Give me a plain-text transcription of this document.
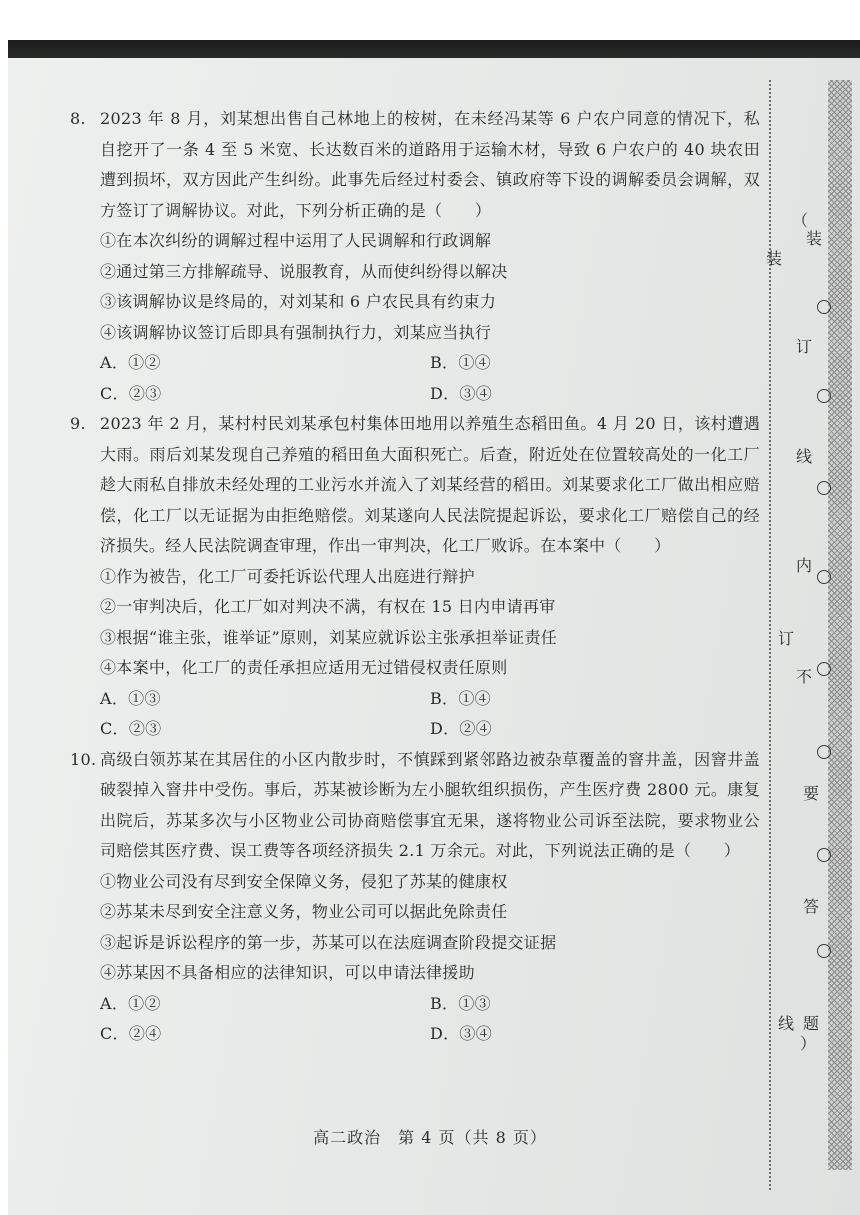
8. 2023 年 8 月，刘某想出售自己林地上的桉树，在未经冯某等 6 户农户同意的情况下，私自挖开了一条 4 至 5 米宽、长达数百米的道路用于运输木材，导致 6 户农户的 40 块农田遭到损坏，双方因此产生纠纷。此事先后经过村委会、镇政府等下设的调解委员会调解，双方签订了调解协议。对此，下列分析正确的是（　　）
①在本次纠纷的调解过程中运用了人民调解和行政调解
②通过第三方排解疏导、说服教育，从而使纠纷得以解决
③该调解协议是终局的，对刘某和 6 户农民具有约束力
④该调解协议签订后即具有强制执行力，刘某应当执行
A．①②	B．①④
C．②③	D．③④
9. 2023 年 2 月，某村村民刘某承包村集体田地用以养殖生态稻田鱼。4 月 20 日，该村遭遇大雨。雨后刘某发现自己养殖的稻田鱼大面积死亡。后查，附近处在位置较高处的一化工厂趁大雨私自排放未经处理的工业污水并流入了刘某经营的稻田。刘某要求化工厂做出相应赔偿，化工厂以无证据为由拒绝赔偿。刘某遂向人民法院提起诉讼，要求化工厂赔偿自己的经济损失。经人民法院调查审理，作出一审判决，化工厂败诉。在本案中（　　）
①作为被告，化工厂可委托诉讼代理人出庭进行辩护
②一审判决后，化工厂如对判决不满，有权在 15 日内申请再审
③根据“谁主张，谁举证”原则，刘某应就诉讼主张承担举证责任
④本案中，化工厂的责任承担应适用无过错侵权责任原则
A．①③	B．①④
C．②③	D．②④
10. 高级白领苏某在其居住的小区内散步时，不慎踩到紧邻路边被杂草覆盖的窨井盖，因窨井盖破裂掉入窨井中受伤。事后，苏某被诊断为左小腿软组织损伤，产生医疗费 2800 元。康复出院后，苏某多次与小区物业公司协商赔偿事宜无果，遂将物业公司诉至法院，要求物业公司赔偿其医疗费、误工费等各项经济损失 2.1 万余元。对此，下列说法正确的是（　　）
①物业公司没有尽到安全保障义务，侵犯了苏某的健康权
②苏某未尽到安全注意义务，物业公司可以据此免除责任
③起诉是诉讼程序的第一步，苏某可以在法庭调查阶段提交证据
④苏某因不具备相应的法律知识，可以申请法律援助
A．①②	B．①③
C．②④	D．③④
高二政治　第 4 页（共 8 页）
（
装
装
订
线
内
订
不
要
答
线 题
）
